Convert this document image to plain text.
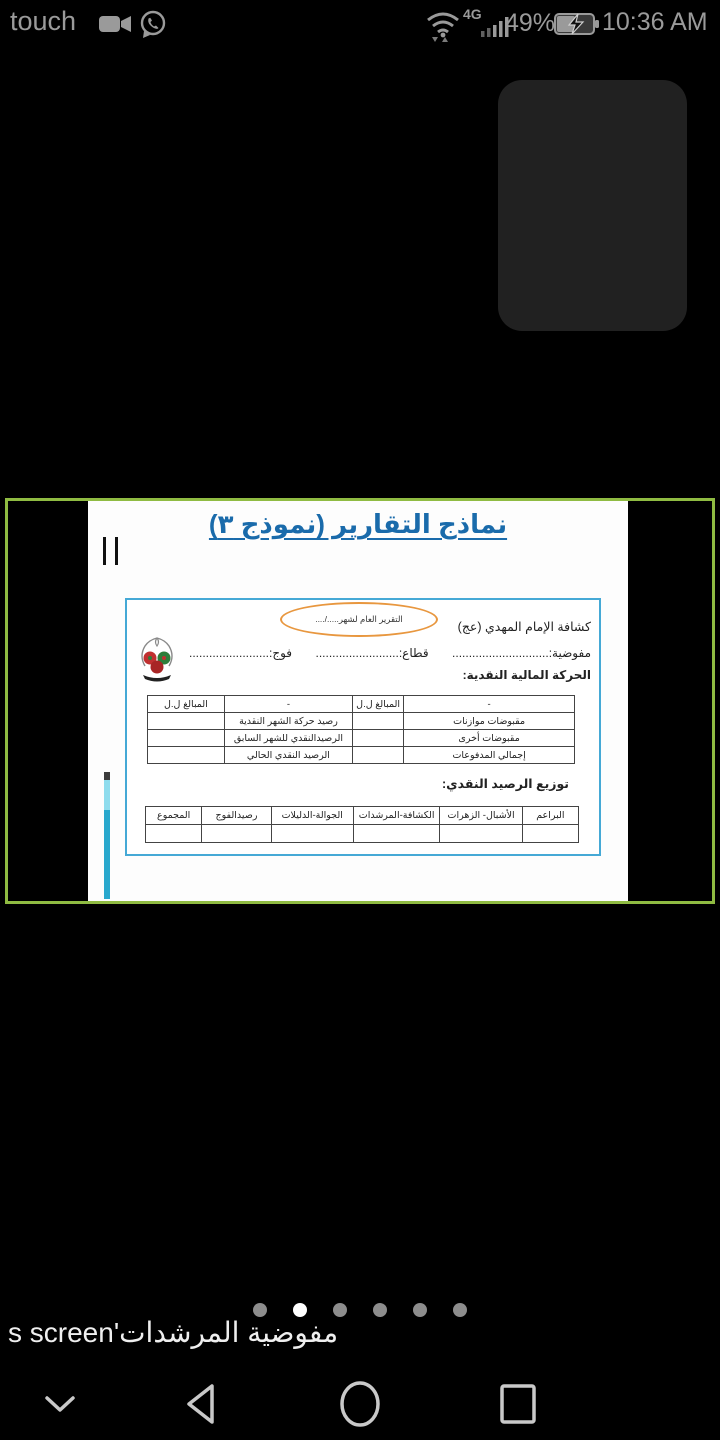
touch	4G 49% 10:36 AM
نماذج التقارير (نموذج ٣)
التقرير العام لشهر...../....
كشافة الإمام المهدي (عج)
مفوضية:.............................
قطاع:.........................
فوج:........................
الحركة المالية النقدية:
-	المبالغ ل.ل	-	المبالغ ل.ل
مقبوضات موازنات		رصيد حركة الشهر النقدية	
مقبوضات أخرى		الرصيدالنقدي للشهر السابق	
إجمالي المدفوعات		الرصيد النقدي الحالي	
توزيع الرصيد النقدي:
البراعم	الأشبال- الزهرات	الكشافة-المرشدات	الجوالة-الدليلات	رصيدالفوج	المجموع

مفوضية المرشدات's screen
